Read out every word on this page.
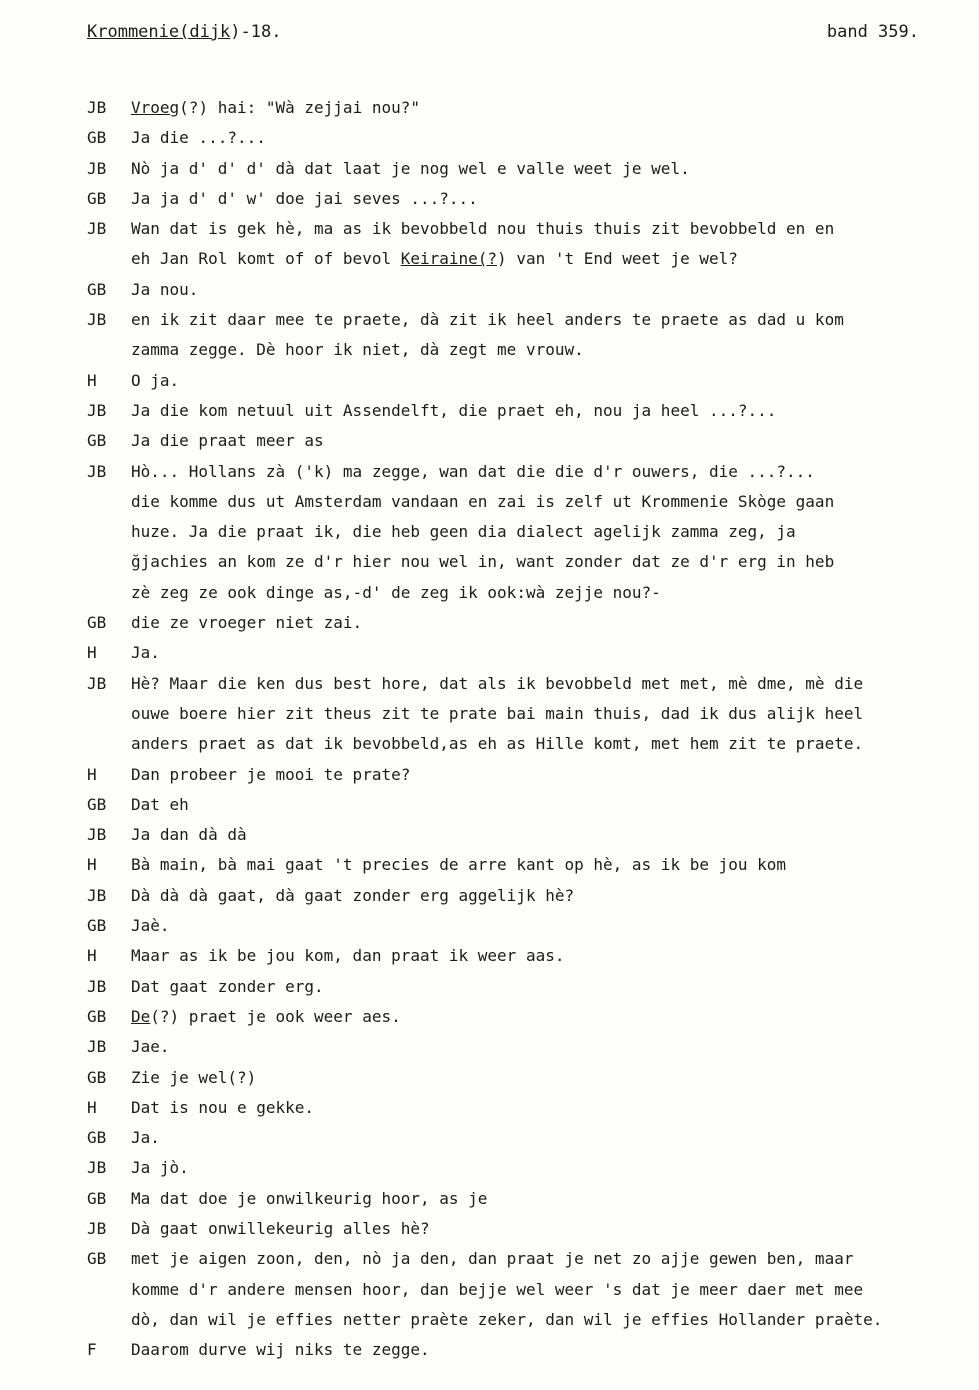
Krommenie(dijk)-18.	band 359.
JB Vroeg(?) hai: "Wà zejjai nou?"
GB Ja die ...?...
JB Nò ja d' d' d' dà dat laat je nog wel e valle weet je wel.
GB Ja ja d' d' w' doe jai seves ...?...
JB Wan dat is gek hè, ma as ik bevobbeld nou thuis thuis zit bevobbeld en en
eh Jan Rol komt of of bevol Keiraine(?) van 't End weet je wel?
GB Ja nou.
JB en ik zit daar mee te praete, dà zit ik heel anders te praete as dad u kom
zamma zegge. Dè hoor ik niet, dà zegt me vrouw.
H O ja.
JB Ja die kom netuul uit Assendelft, die praet eh, nou ja heel ...?...
GB Ja die praat meer as
JB Hò... Hollans zà ('k) ma zegge, wan dat die die d'r ouwers, die ...?...
die komme dus ut Amsterdam vandaan en zai is zelf ut Krommenie Skòge gaan
huze. Ja die praat ik, die heb geen dia dialect agelijk zamma zeg, ja
ğjachies an kom ze d'r hier nou wel in, want zonder dat ze d'r erg in heb
zè zeg ze ook dinge as,-d' de zeg ik ook:wà zejje nou?-
GB die ze vroeger niet zai.
H Ja.
JB Hè? Maar die ken dus best hore, dat als ik bevobbeld met met, mè dme, mè die
ouwe boere hier zit theus zit te prate bai main thuis, dad ik dus alijk heel
anders praet as dat ik bevobbeld,as eh as Hille komt, met hem zit te praete.
H Dan probeer je mooi te prate?
GB Dat eh
JB Ja dan dà dà
H Bà main, bà mai gaat 't precies de arre kant op hè, as ik be jou kom
JB Dà dà dà gaat, dà gaat zonder erg aggelijk hè?
GB Jaè.
H Maar as ik be jou kom, dan praat ik weer aas.
JB Dat gaat zonder erg.
GB De(?) praet je ook weer aes.
JB Jae.
GB Zie je wel(?)
H Dat is nou e gekke.
GB Ja.
JB Ja jò.
GB Ma dat doe je onwilkeurig hoor, as je
JB Dà gaat onwillekeurig alles hè?
GB met je aigen zoon, den, nò ja den, dan praat je net zo ajje gewen ben, maar
komme d'r andere mensen hoor, dan bejje wel weer 's dat je meer daer met mee
dò, dan wil je effies netter praète zeker, dan wil je effies Hollander praète.
F Daarom durve wij niks te zegge.
